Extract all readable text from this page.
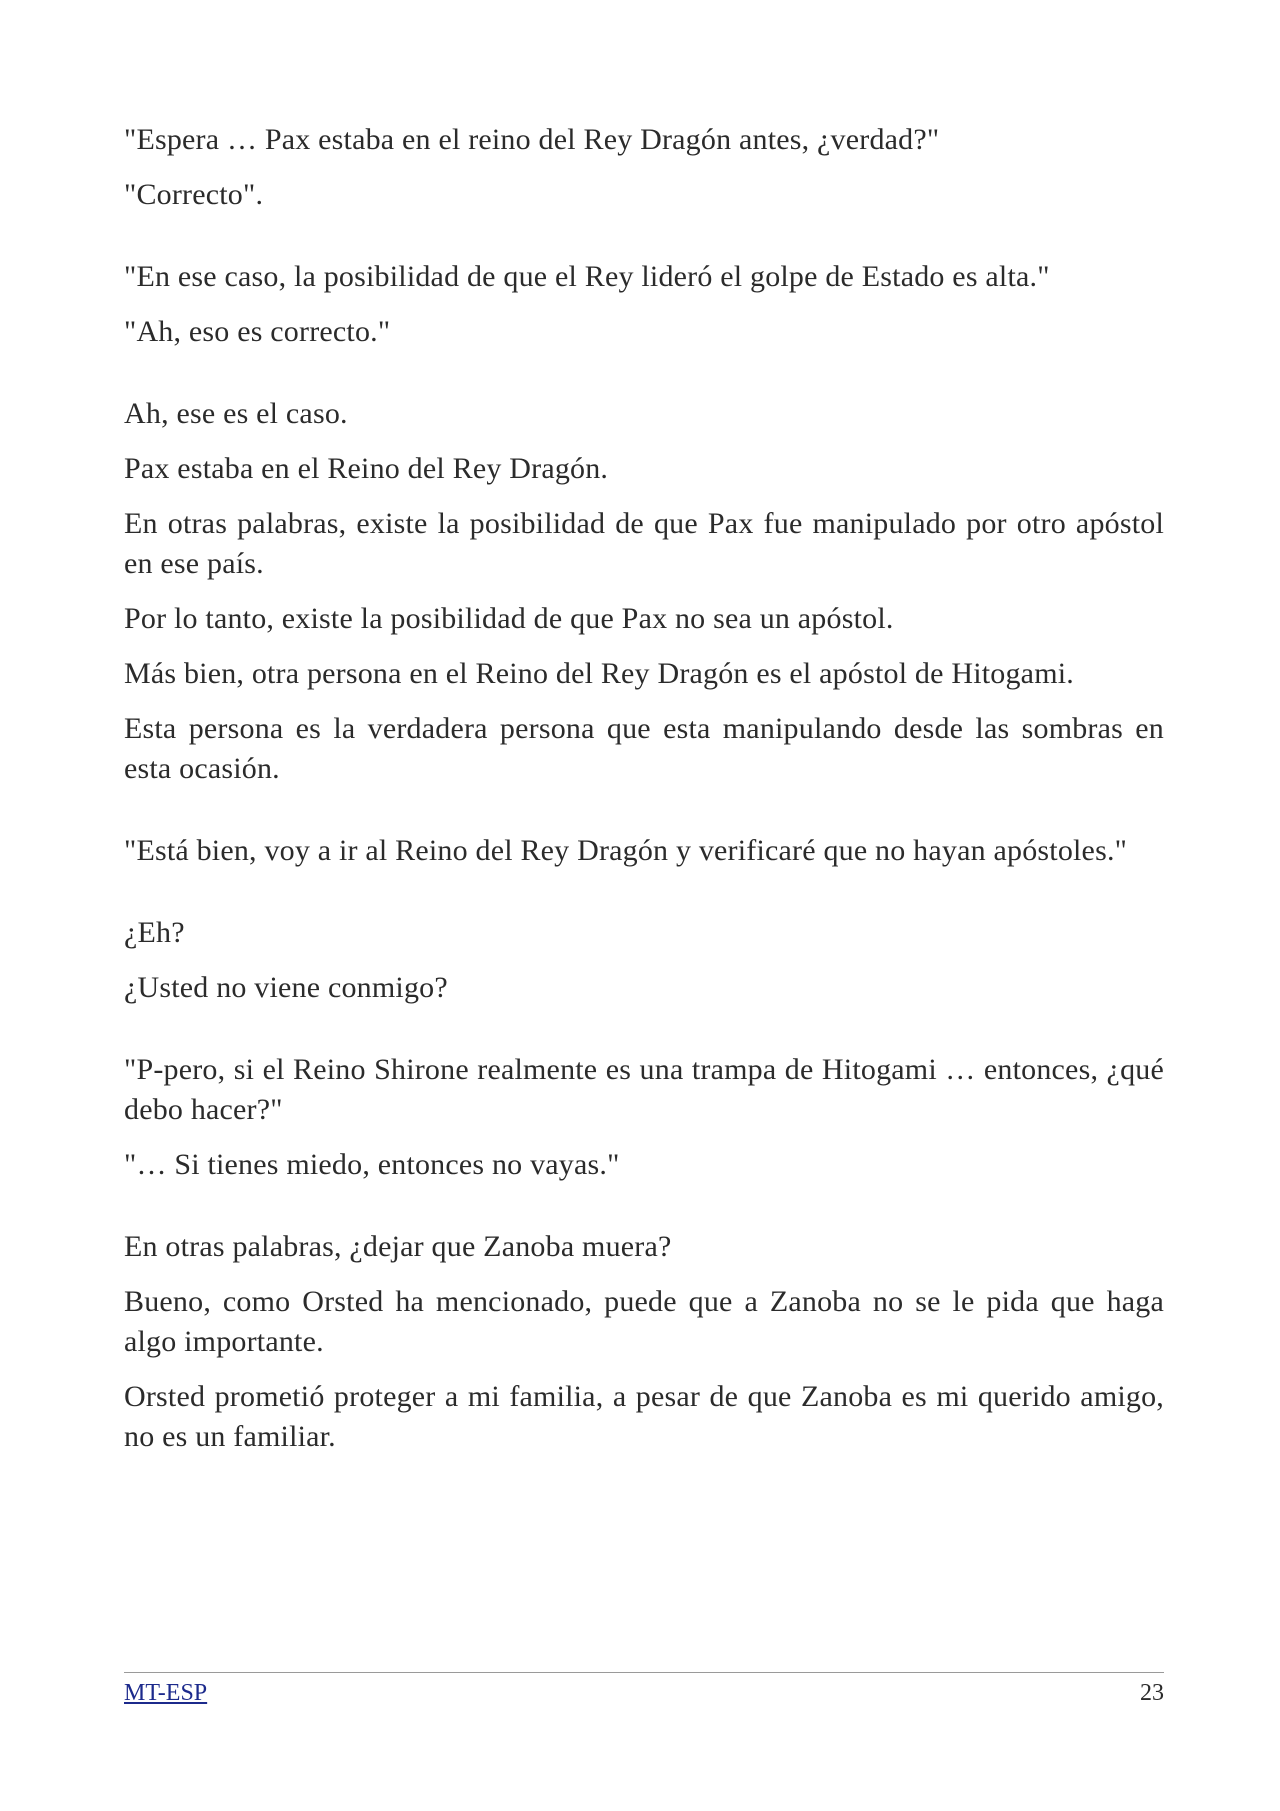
"Espera … Pax estaba en el reino del Rey Dragón antes, ¿verdad?"

"Correcto".

"En ese caso, la posibilidad de que el Rey lideró el golpe de Estado es alta."

"Ah, eso es correcto."

Ah, ese es el caso.

Pax estaba en el Reino del Rey Dragón.

En otras palabras, existe la posibilidad de que Pax fue manipulado por otro apóstol en ese país.

Por lo tanto, existe la posibilidad de que Pax no sea un apóstol.

Más bien, otra persona en el Reino del Rey Dragón es el apóstol de Hitogami.

Esta persona es la verdadera persona que esta manipulando desde las sombras en esta ocasión.

"Está bien, voy a ir al Reino del Rey Dragón y verificaré que no hayan apóstoles."

¿Eh?

¿Usted no viene conmigo?

"P-pero, si el Reino Shirone realmente es una trampa de Hitogami … entonces, ¿qué debo hacer?"

"… Si tienes miedo, entonces no vayas."

En otras palabras, ¿dejar que Zanoba muera?

Bueno, como Orsted ha mencionado, puede que a Zanoba no se le pida que haga algo importante.

Orsted prometió proteger a mi familia, a pesar de que Zanoba es mi querido amigo, no es un familiar.

MT-ESP	23
